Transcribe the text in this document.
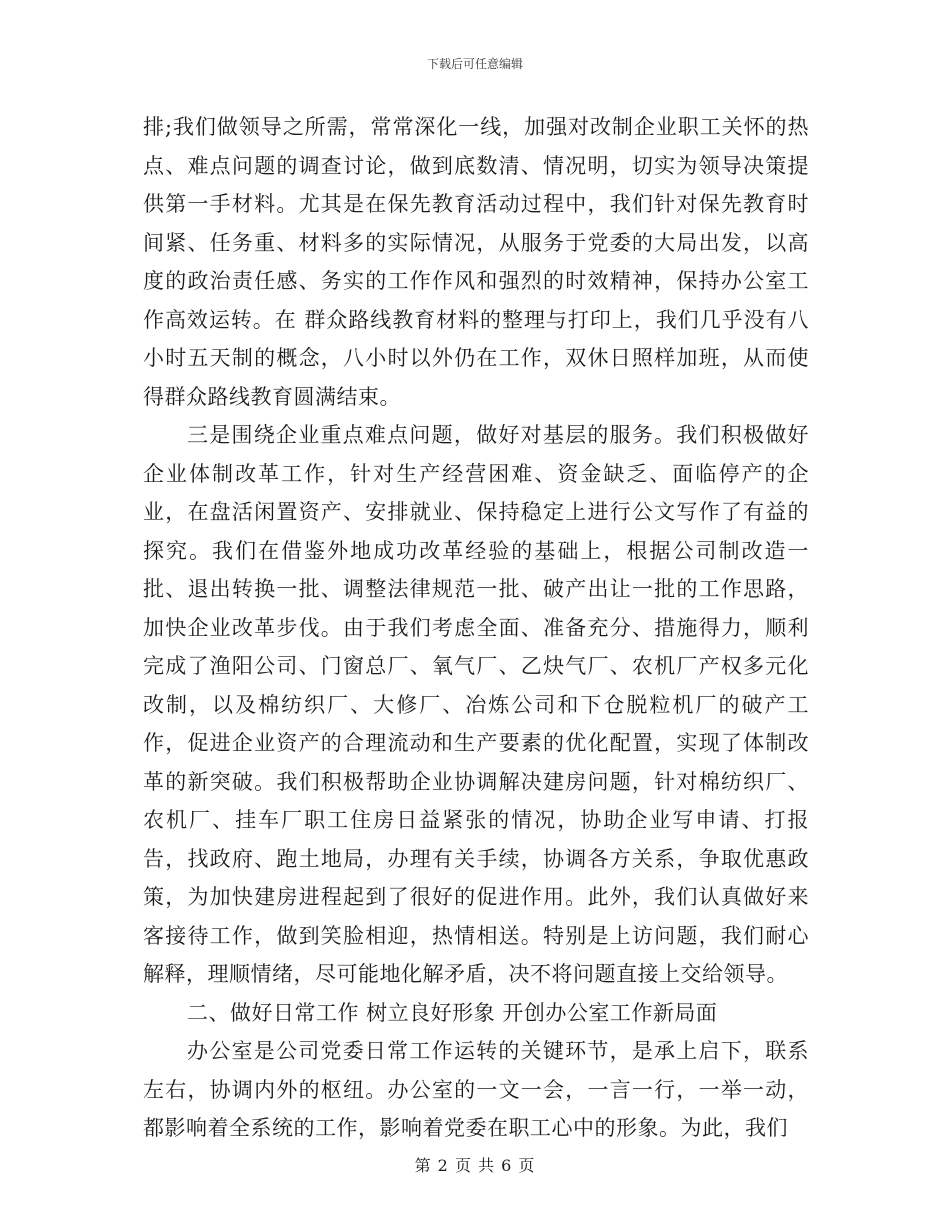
下载后可任意编辑

排;我们做领导之所需，常常深化一线，加强对改制企业职工关怀的热点、难点问题的调查讨论，做到底数清、情况明，切实为领导决策提供第一手材料。尤其是在保先教育活动过程中，我们针对保先教育时间紧、任务重、材料多的实际情况，从服务于党委的大局出发，以高度的政治责任感、务实的工作作风和强烈的时效精神，保持办公室工作高效运转。在 群众路线教育材料的整理与打印上，我们几乎没有八小时五天制的概念，八小时以外仍在工作，双休日照样加班，从而使得群众路线教育圆满结束。

三是围绕企业重点难点问题，做好对基层的服务。我们积极做好企业体制改革工作，针对生产经营困难、资金缺乏、面临停产的企业，在盘活闲置资产、安排就业、保持稳定上进行公文写作了有益的探究。我们在借鉴外地成功改革经验的基础上，根据公司制改造一批、退出转换一批、调整法律规范一批、破产出让一批的工作思路，加快企业改革步伐。由于我们考虑全面、准备充分、措施得力，顺利完成了渔阳公司、门窗总厂、氧气厂、乙炔气厂、农机厂产权多元化改制，以及棉纺织厂、大修厂、冶炼公司和下仓脱粒机厂的破产工作，促进企业资产的合理流动和生产要素的优化配置，实现了体制改革的新突破。我们积极帮助企业协调解决建房问题，针对棉纺织厂、农机厂、挂车厂职工住房日益紧张的情况，协助企业写申请、打报告，找政府、跑土地局，办理有关手续，协调各方关系，争取优惠政策，为加快建房进程起到了很好的促进作用。此外，我们认真做好来客接待工作，做到笑脸相迎，热情相送。特别是上访问题，我们耐心解释，理顺情绪，尽可能地化解矛盾，决不将问题直接上交给领导。

二、做好日常工作 树立良好形象 开创办公室工作新局面

办公室是公司党委日常工作运转的关键环节，是承上启下，联系左右，协调内外的枢纽。办公室的一文一会，一言一行，一举一动，都影响着全系统的工作，影响着党委在职工心中的形象。为此，我们

第 2 页 共 6 页
